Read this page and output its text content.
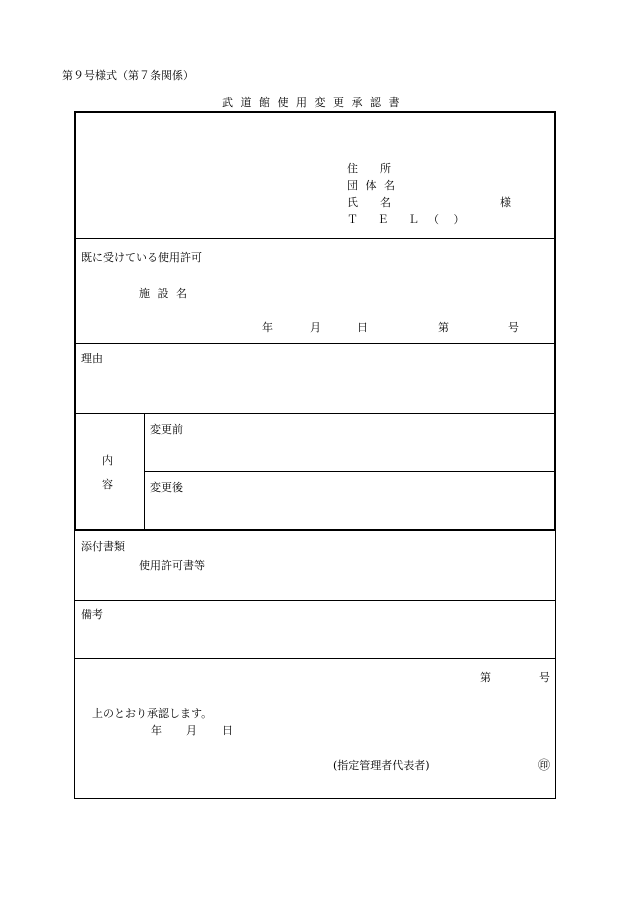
第９号様式（第７条関係）
武 道 館 使 用 変 更 承 認 書
住　　所
団 体 名
氏　　名	様
Ｔ Ｅ Ｌ （　 ）
既に受けている使用許可
施 設 名
年	月	日	第	号
理由
内
容
変更前
変更後
添付書類
使用許可書等
備考
第	号
上のとおり承認します。
年 月 日
(指定管理者代表者)	㊞
